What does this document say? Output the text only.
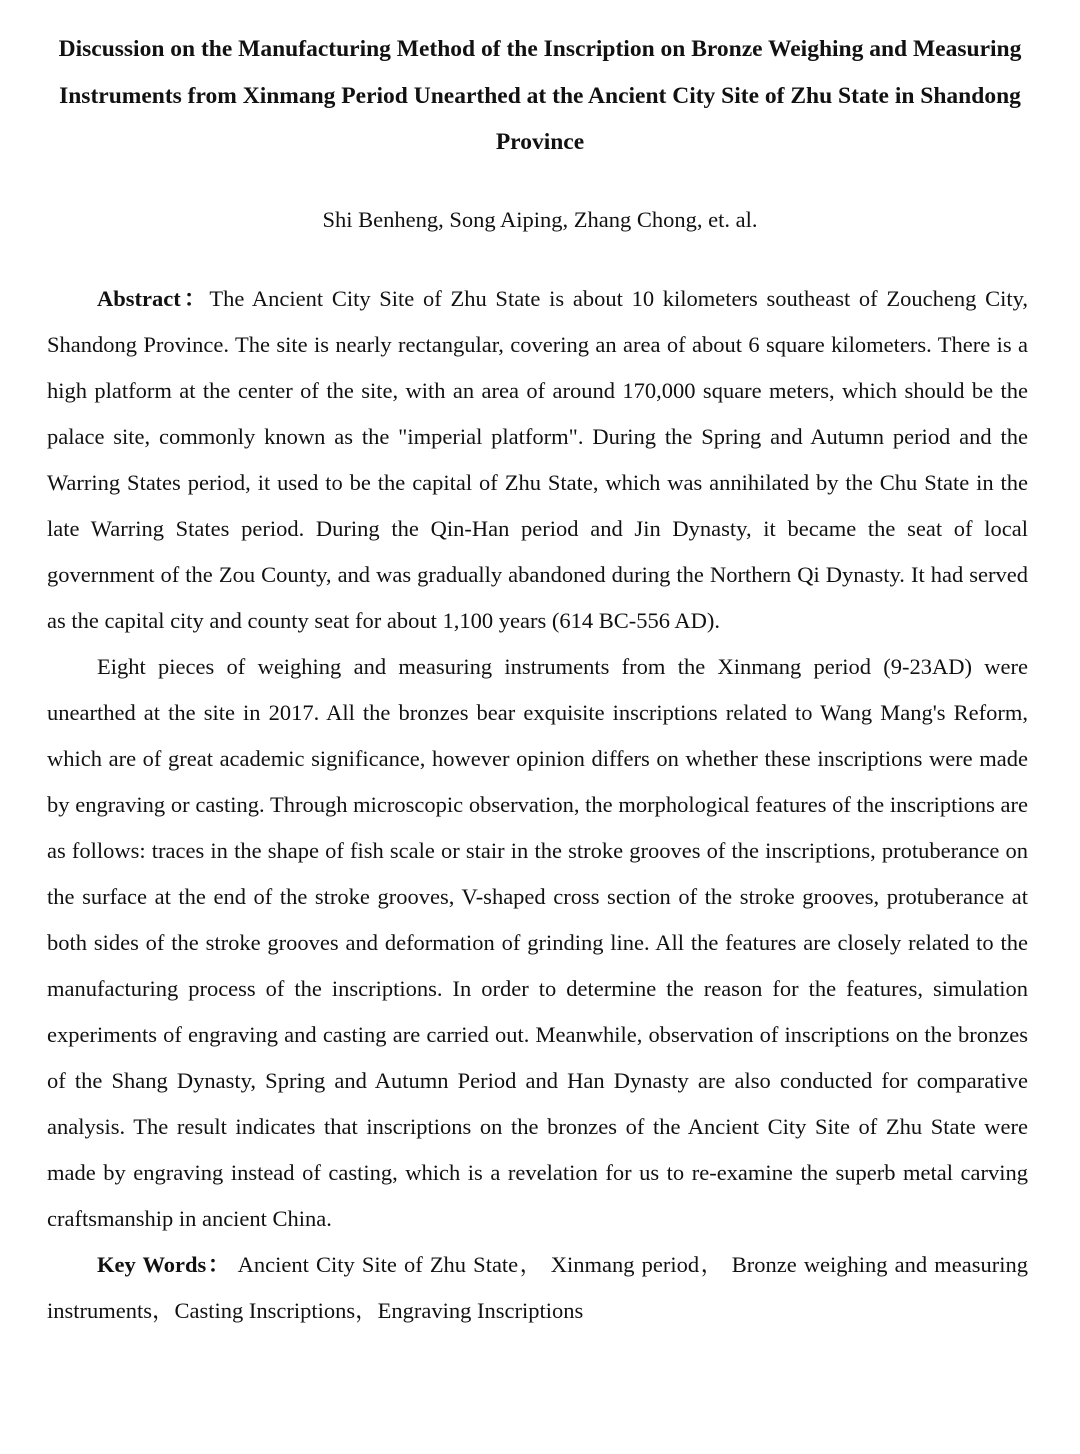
Discussion on the Manufacturing Method of the Inscription on Bronze Weighing and Measuring Instruments from Xinmang Period Unearthed at the Ancient City Site of Zhu State in Shandong Province
Shi Benheng, Song Aiping, Zhang Chong, et. al.

Abstract：The Ancient City Site of Zhu State is about 10 kilometers southeast of Zoucheng City, Shandong Province. The site is nearly rectangular, covering an area of about 6 square kilometers. There is a high platform at the center of the site, with an area of around 170,000 square meters, which should be the palace site, commonly known as the "imperial platform". During the Spring and Autumn period and the Warring States period, it used to be the capital of Zhu State, which was annihilated by the Chu State in the late Warring States period. During the Qin-Han period and Jin Dynasty, it became the seat of local government of the Zou County, and was gradually abandoned during the Northern Qi Dynasty. It had served as the capital city and county seat for about 1,100 years (614 BC-556 AD).

Eight pieces of weighing and measuring instruments from the Xinmang period (9-23AD) were unearthed at the site in 2017. All the bronzes bear exquisite inscriptions related to Wang Mang's Reform, which are of great academic significance, however opinion differs on whether these inscriptions were made by engraving or casting. Through microscopic observation, the morphological features of the inscriptions are as follows: traces in the shape of fish scale or stair in the stroke grooves of the inscriptions, protuberance on the surface at the end of the stroke grooves, V-shaped cross section of the stroke grooves, protuberance at both sides of the stroke grooves and deformation of grinding line. All the features are closely related to the manufacturing process of the inscriptions. In order to determine the reason for the features, simulation experiments of engraving and casting are carried out. Meanwhile, observation of inscriptions on the bronzes of the Shang Dynasty, Spring and Autumn Period and Han Dynasty are also conducted for comparative analysis. The result indicates that inscriptions on the bronzes of the Ancient City Site of Zhu State were made by engraving instead of casting, which is a revelation for us to re-examine the superb metal carving craftsmanship in ancient China.

Key Words： Ancient City Site of Zhu State， Xinmang period， Bronze weighing and measuring instruments，Casting Inscriptions，Engraving Inscriptions
